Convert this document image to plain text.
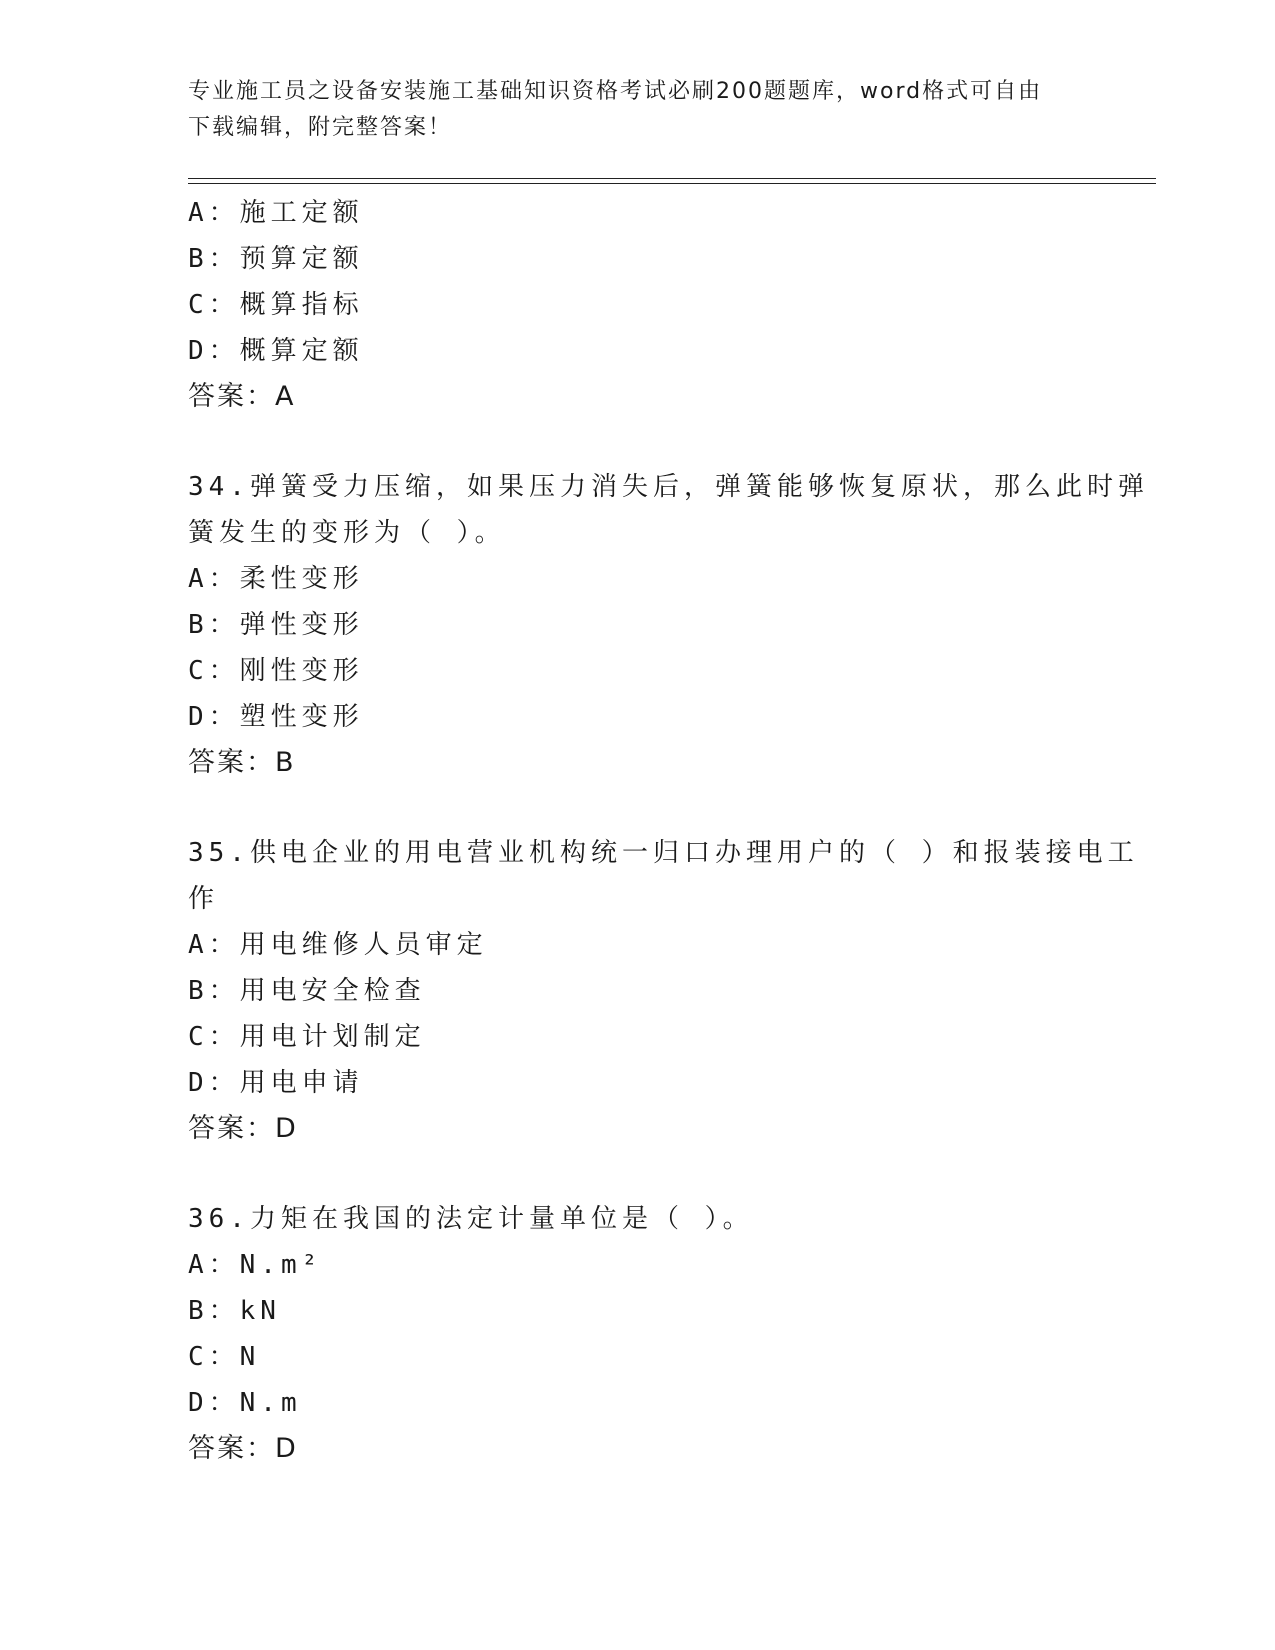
专业施工员之设备安装施工基础知识资格考试必刷200题题库，word格式可自由
下载编辑，附完整答案！
A：施工定额
B：预算定额
C：概算指标
D：概算定额
答案：A
34.弹簧受力压缩，如果压力消失后，弹簧能够恢复原状，那么此时弹
簧发生的变形为（ ）。
A：柔性变形
B：弹性变形
C：刚性变形
D：塑性变形
答案：B
35.供电企业的用电营业机构统一归口办理用户的（ ）和报装接电工
作
A：用电维修人员审定
B：用电安全检查
C：用电计划制定
D：用电申请
答案：D
36.力矩在我国的法定计量单位是（ ）。
A：N.m²
B：kN
C：N
D：N.m
答案：D
